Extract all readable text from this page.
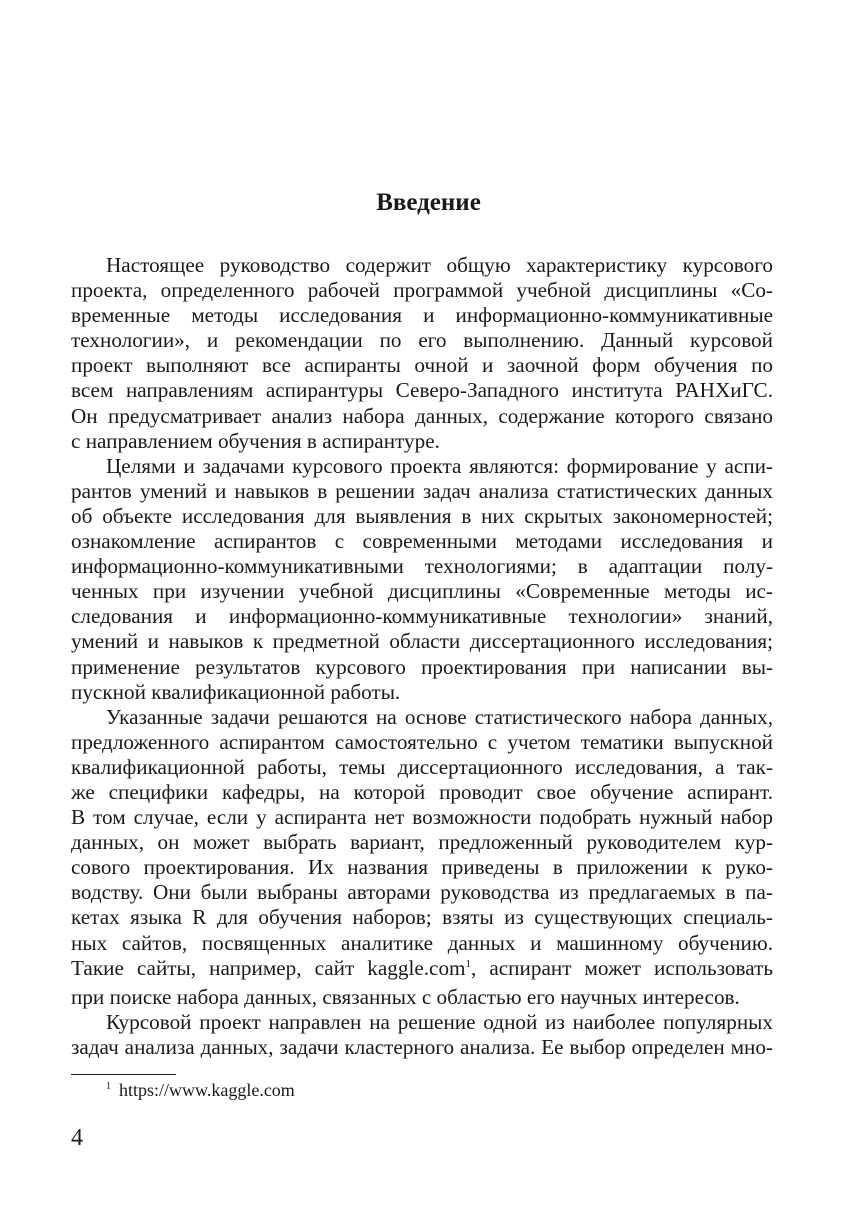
Введение
Настоящее руководство содержит общую характеристику курсового
проекта, определенного рабочей программой учебной дисциплины «Со-
временные методы исследования и информационно-коммуникативные
технологии», и рекомендации по его выполнению. Данный курсовой
проект выполняют все аспиранты очной и заочной форм обучения по
всем направлениям аспирантуры Северо-Западного института РАНХиГС.
Он предусматривает анализ набора данных, содержание которого связано
с направлением обучения в аспирантуре.
Целями и задачами курсового проекта являются: формирование у аспи-
рантов умений и навыков в решении задач анализа статистических данных
об объекте исследования для выявления в них скрытых закономерностей;
ознакомление аспирантов с современными методами исследования и
информационно-коммуникативными технологиями; в адаптации полу-
ченных при изучении учебной дисциплины «Современные методы ис-
следования и информационно-коммуникативные технологии» знаний,
умений и навыков к предметной области диссертационного исследования;
применение результатов курсового проектирования при написании вы-
пускной квалификационной работы.
Указанные задачи решаются на основе статистического набора данных,
предложенного аспирантом самостоятельно с учетом тематики выпускной
квалификационной работы, темы диссертационного исследования, а так-
же специфики кафедры, на которой проводит свое обучение аспирант.
В том случае, если у аспиранта нет возможности подобрать нужный набор
данных, он может выбрать вариант, предложенный руководителем кур-
сового проектирования. Их названия приведены в приложении к руко-
водству. Они были выбраны авторами руководства из предлагаемых в па-
кетах языка R для обучения наборов; взяты из существующих специаль-
ных сайтов, посвященных аналитике данных и машинному обучению.
Такие сайты, например, сайт kaggle.com$^1$, аспирант может использовать
при поиске набора данных, связанных с областью его научных интересов.
Курсовой проект направлен на решение одной из наиболее популярных
задач анализа данных, задачи кластерного анализа. Ее выбор определен мно-
$^1$ https://www.kaggle.com
4
